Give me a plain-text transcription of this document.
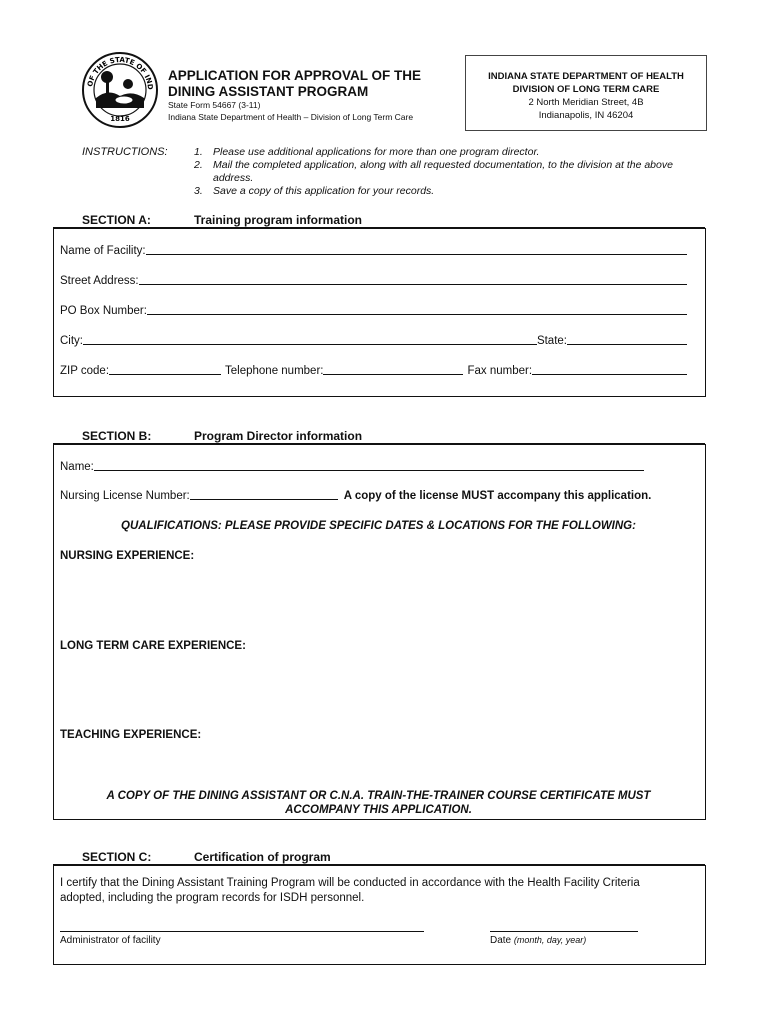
OF THE STATE OF IND
1816
APPLICATION FOR APPROVAL OF THE
DINING ASSISTANT PROGRAM
State Form 54667 (3-11)
Indiana State Department of Health – Division of Long Term Care
INDIANA STATE DEPARTMENT OF HEALTH
DIVISION OF LONG TERM CARE
2 North Meridian Street, 4B
Indianapolis, IN 46204
INSTRUCTIONS:	1. Please use additional applications for more than one program director.
2. Mail the completed application, along with all requested documentation, to the division at the above address.
3. Save a copy of this application for your records.
SECTION A:	Training program information
Name of Facility:
Street Address:
PO Box Number:
City:	State:
ZIP code:	Telephone number:	Fax number:
SECTION B:	Program Director information
Name:
Nursing License Number:	A copy of the license MUST accompany this application.
QUALIFICATIONS: PLEASE PROVIDE SPECIFIC DATES & LOCATIONS FOR THE FOLLOWING:
NURSING EXPERIENCE:
LONG TERM CARE EXPERIENCE:
TEACHING EXPERIENCE:
A COPY OF THE DINING ASSISTANT OR C.N.A. TRAIN-THE-TRAINER COURSE CERTIFICATE MUST
ACCOMPANY THIS APPLICATION.
SECTION C:	Certification of program
I certify that the Dining Assistant Training Program will be conducted in accordance with the Health Facility Criteria
adopted, including the program records for ISDH personnel.
Administrator of facility	Date (month, day, year)
